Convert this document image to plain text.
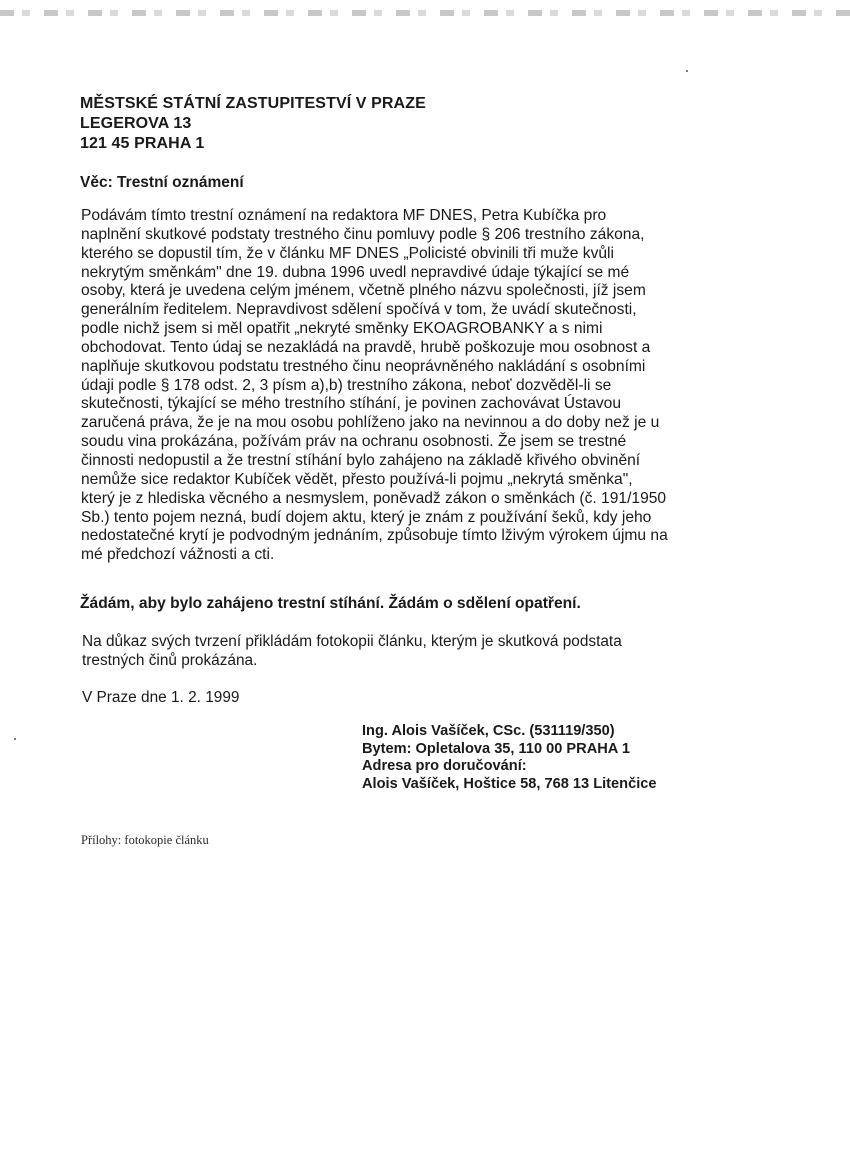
MĚSTSKÉ STÁTNÍ ZASTUPITESTVÍ V PRAZE
LEGEROVA 13
121 45 PRAHA 1
Věc: Trestní oznámení
Podávám tímto trestní oznámení na redaktora MF DNES, Petra Kubíčka pro
naplnění skutkové podstaty trestného činu pomluvy podle § 206 trestního zákona,
kterého se dopustil tím, že v článku MF DNES „Policisté obvinili tři muže kvůli
nekrytým směnkám" dne 19. dubna 1996 uvedl nepravdivé údaje týkající se mé
osoby, která je uvedena celým jménem, včetně plného názvu společnosti, jíž jsem
generálním ředitelem. Nepravdivost sdělení spočívá v tom, že uvádí skutečnosti,
podle nichž jsem si měl opatřit „nekryté směnky EKOAGROBANKY a s nimi
obchodovat. Tento údaj se nezakládá na pravdě, hrubě poškozuje mou osobnost a
naplňuje skutkovou podstatu trestného činu neoprávněného nakládání s osobními
údaji podle § 178 odst. 2, 3 písm a),b) trestního zákona, neboť dozvěděl-li se
skutečnosti, týkající se mého trestního stíhání, je povinen zachovávat Ústavou
zaručená práva, že je na mou osobu pohlíženo jako na nevinnou a do doby než je u
soudu vina prokázána, požívám práv na ochranu osobnosti. Že jsem se trestné
činnosti nedopustil a že trestní stíhání bylo zahájeno na základě křivého obvinění
nemůže sice redaktor Kubíček vědět, přesto používá-li pojmu „nekrytá směnka",
který je z hlediska věcného a nesmyslem, poněvadž zákon o směnkách (č. 191/1950
Sb.) tento pojem nezná, budí dojem aktu, který je znám z používání šeků, kdy jeho
nedostatečné krytí je podvodným jednáním, způsobuje tímto lživým výrokem újmu na
mé předchozí vážnosti a cti.
Žádám, aby bylo zahájeno trestní stíhání. Žádám o sdělení opatření.
Na důkaz svých tvrzení přikládám fotokopii článku, kterým je skutková podstata
trestných činů prokázána.
V Praze dne 1. 2. 1999
Ing. Alois Vašíček, CSc. (531119/350)
Bytem: Opletalova 35, 110 00 PRAHA 1
Adresa pro doručování:
Alois Vašíček, Hoštice 58, 768 13 Litenčice
Přílohy: fotokopie článku
